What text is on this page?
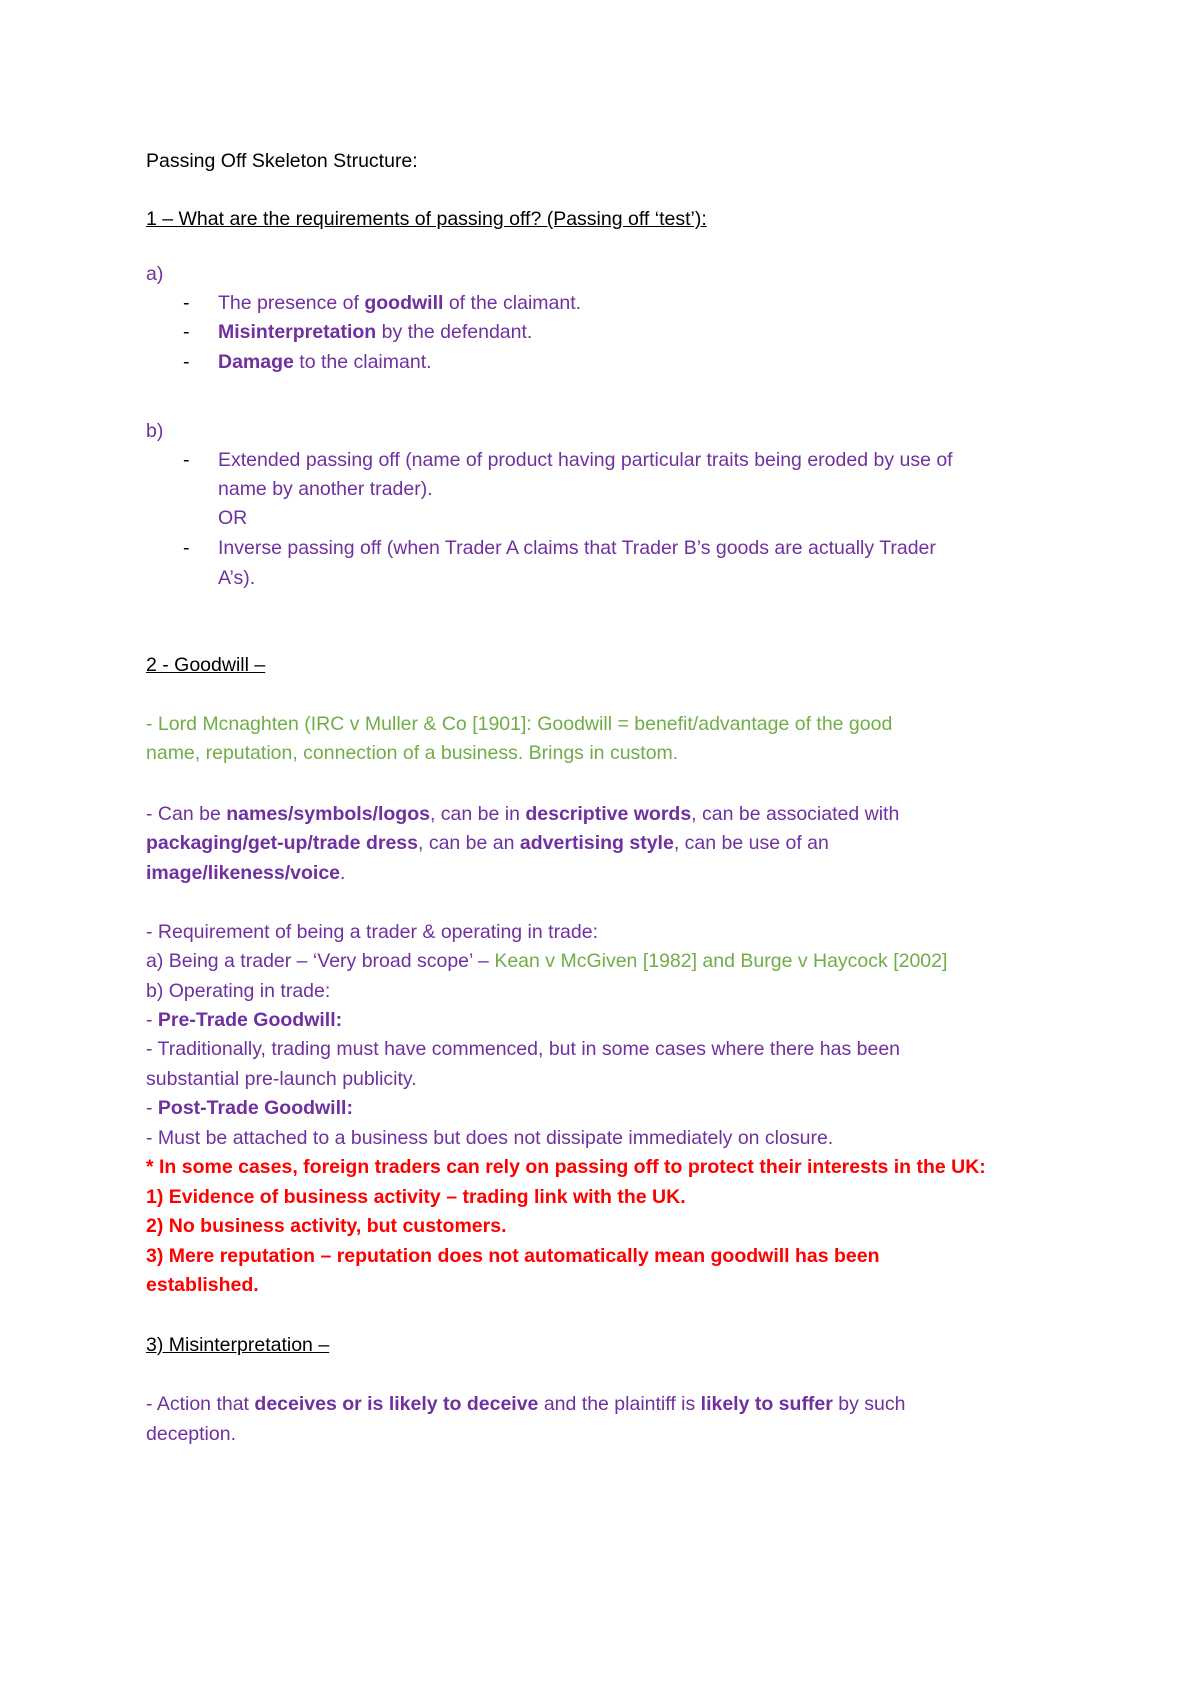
Passing Off Skeleton Structure:
1 – What are the requirements of passing off? (Passing off ‘test’):
a)
- The presence of goodwill of the claimant.
- Misinterpretation by the defendant.
- Damage to the claimant.
b)
- Extended passing off (name of product having particular traits being eroded by use of
name by another trader).
OR
- Inverse passing off (when Trader A claims that Trader B’s goods are actually Trader
A’s).
2 - Goodwill –
- Lord Mcnaghten (IRC v Muller & Co [1901]: Goodwill = benefit/advantage of the good
name, reputation, connection of a business. Brings in custom.
- Can be names/symbols/logos, can be in descriptive words, can be associated with
packaging/get-up/trade dress, can be an advertising style, can be use of an
image/likeness/voice.
- Requirement of being a trader & operating in trade:
a) Being a trader – ‘Very broad scope’ – Kean v McGiven [1982] and Burge v Haycock [2002]
b) Operating in trade:
- Pre-Trade Goodwill:
- Traditionally, trading must have commenced, but in some cases where there has been
substantial pre-launch publicity.
- Post-Trade Goodwill:
- Must be attached to a business but does not dissipate immediately on closure.
* In some cases, foreign traders can rely on passing off to protect their interests in the UK:
1) Evidence of business activity – trading link with the UK.
2) No business activity, but customers.
3) Mere reputation – reputation does not automatically mean goodwill has been
established.
3) Misinterpretation –
- Action that deceives or is likely to deceive and the plaintiff is likely to suffer by such
deception.
